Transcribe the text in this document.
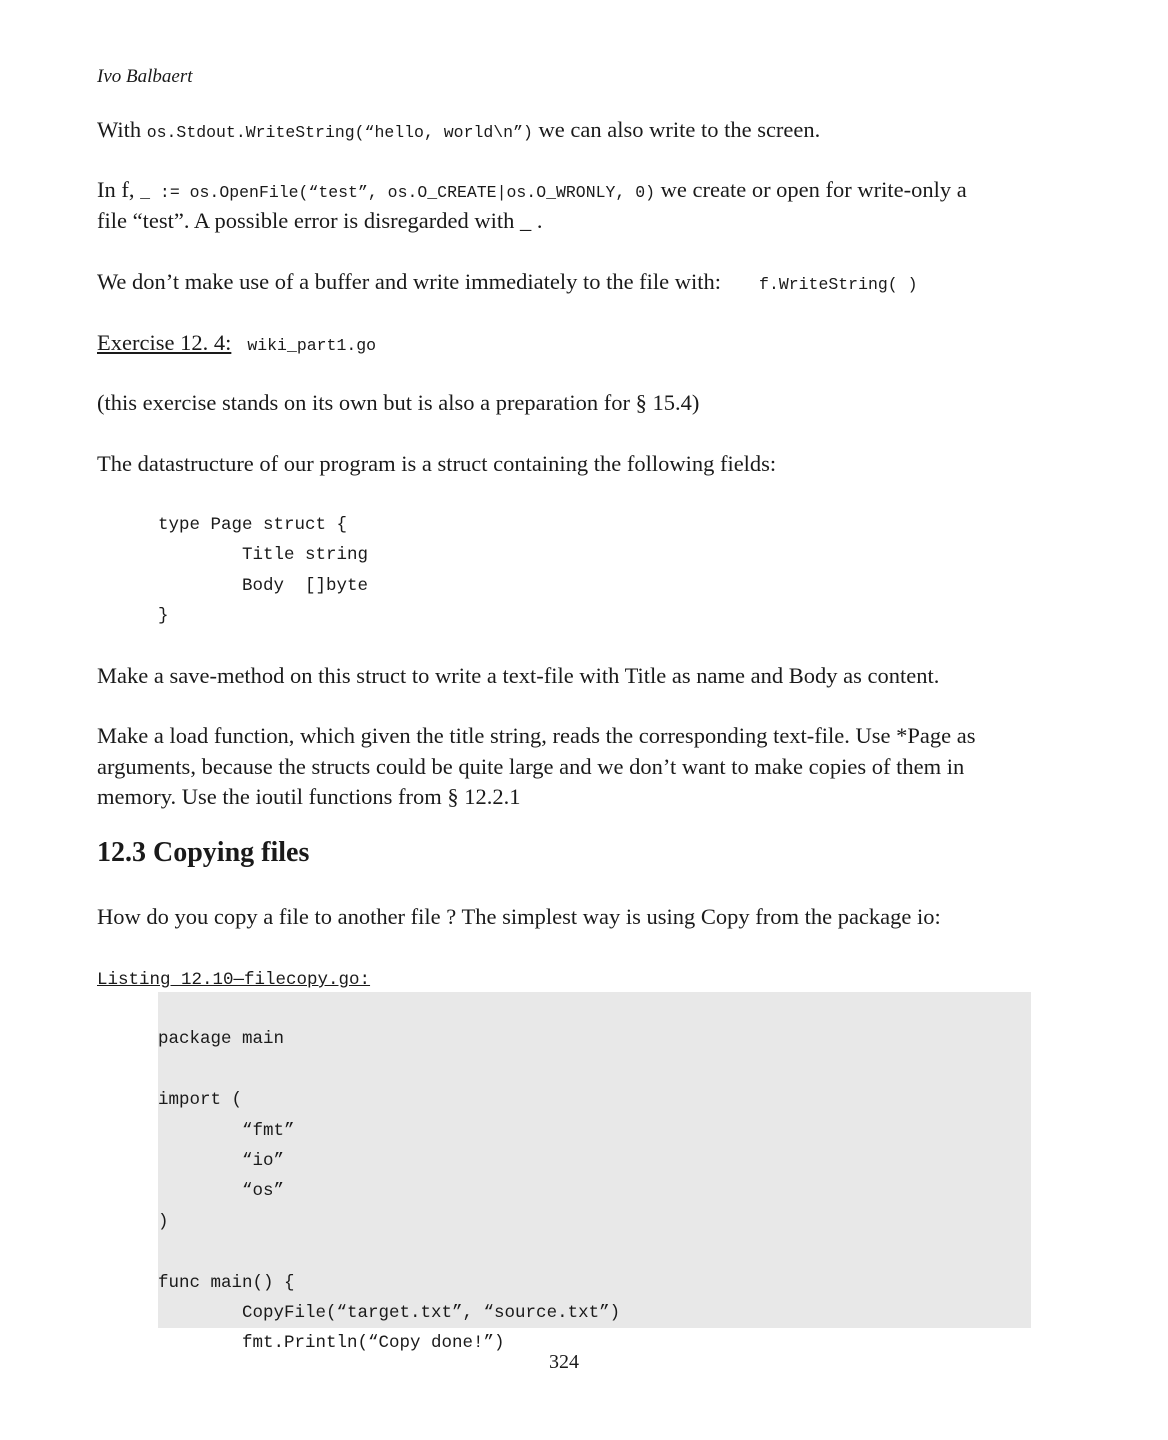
Ivo Balbaert
With os.Stdout.WriteString(“hello, world\n”) we can also write to the screen.
In f, _ := os.OpenFile(“test”, os.O_CREATE|os.O_WRONLY, 0) we create or open for write-only a
file “test”. A possible error is disregarded with _ .
We don’t make use of a buffer and write immediately to the file with: f.WriteString( )
Exercise 12. 4: wiki_part1.go
(this exercise stands on its own but is also a preparation for § 15.4)
The datastructure of our program is a struct containing the following fields:
type Page struct {
Title string
Body  []byte
}
Make a save-method on this struct to write a text-file with Title as name and Body as content.
Make a load function, which given the title string, reads the corresponding text-file. Use *Page as
arguments, because the structs could be quite large and we don’t want to make copies of them in
memory. Use the ioutil functions from § 12.2.1
12.3 Copying files
How do you copy a file to another file ? The simplest way is using Copy from the package io:
Listing 12.10—filecopy.go:

package main

import (
“fmt”
“io”
“os”
)

func main() {
CopyFile(“target.txt”, “source.txt”)
fmt.Println(“Copy done!”)

324
